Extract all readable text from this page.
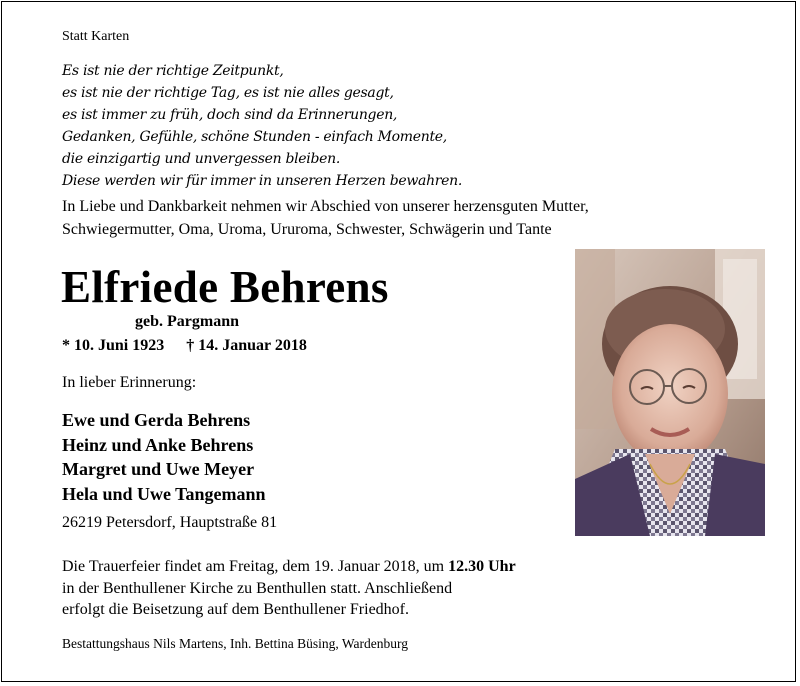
Statt Karten
Es ist nie der richtige Zeitpunkt,
es ist nie der richtige Tag, es ist nie alles gesagt,
es ist immer zu früh, doch sind da Erinnerungen,
Gedanken, Gefühle, schöne Stunden - einfach Momente,
die einzigartig und unvergessen bleiben.
Diese werden wir für immer in unseren Herzen bewahren.
In Liebe und Dankbarkeit nehmen wir Abschied von unserer herzensguten Mutter,
Schwiegermutter, Oma, Uroma, Ururoma, Schwester, Schwägerin und Tante
Elfriede Behrens
geb. Pargmann
* 10. Juni 1923 † 14. Januar 2018
In lieber Erinnerung:
Ewe und Gerda Behrens
Heinz und Anke Behrens
Margret und Uwe Meyer
Hela und Uwe Tangemann
26219 Petersdorf, Hauptstraße 81
Die Trauerfeier findet am Freitag, dem 19. Januar 2018, um 12.30 Uhr
in der Benthullener Kirche zu Benthullen statt. Anschließend
erfolgt die Beisetzung auf dem Benthullener Friedhof.
Bestattungshaus Nils Martens, Inh. Bettina Büsing, Wardenburg
